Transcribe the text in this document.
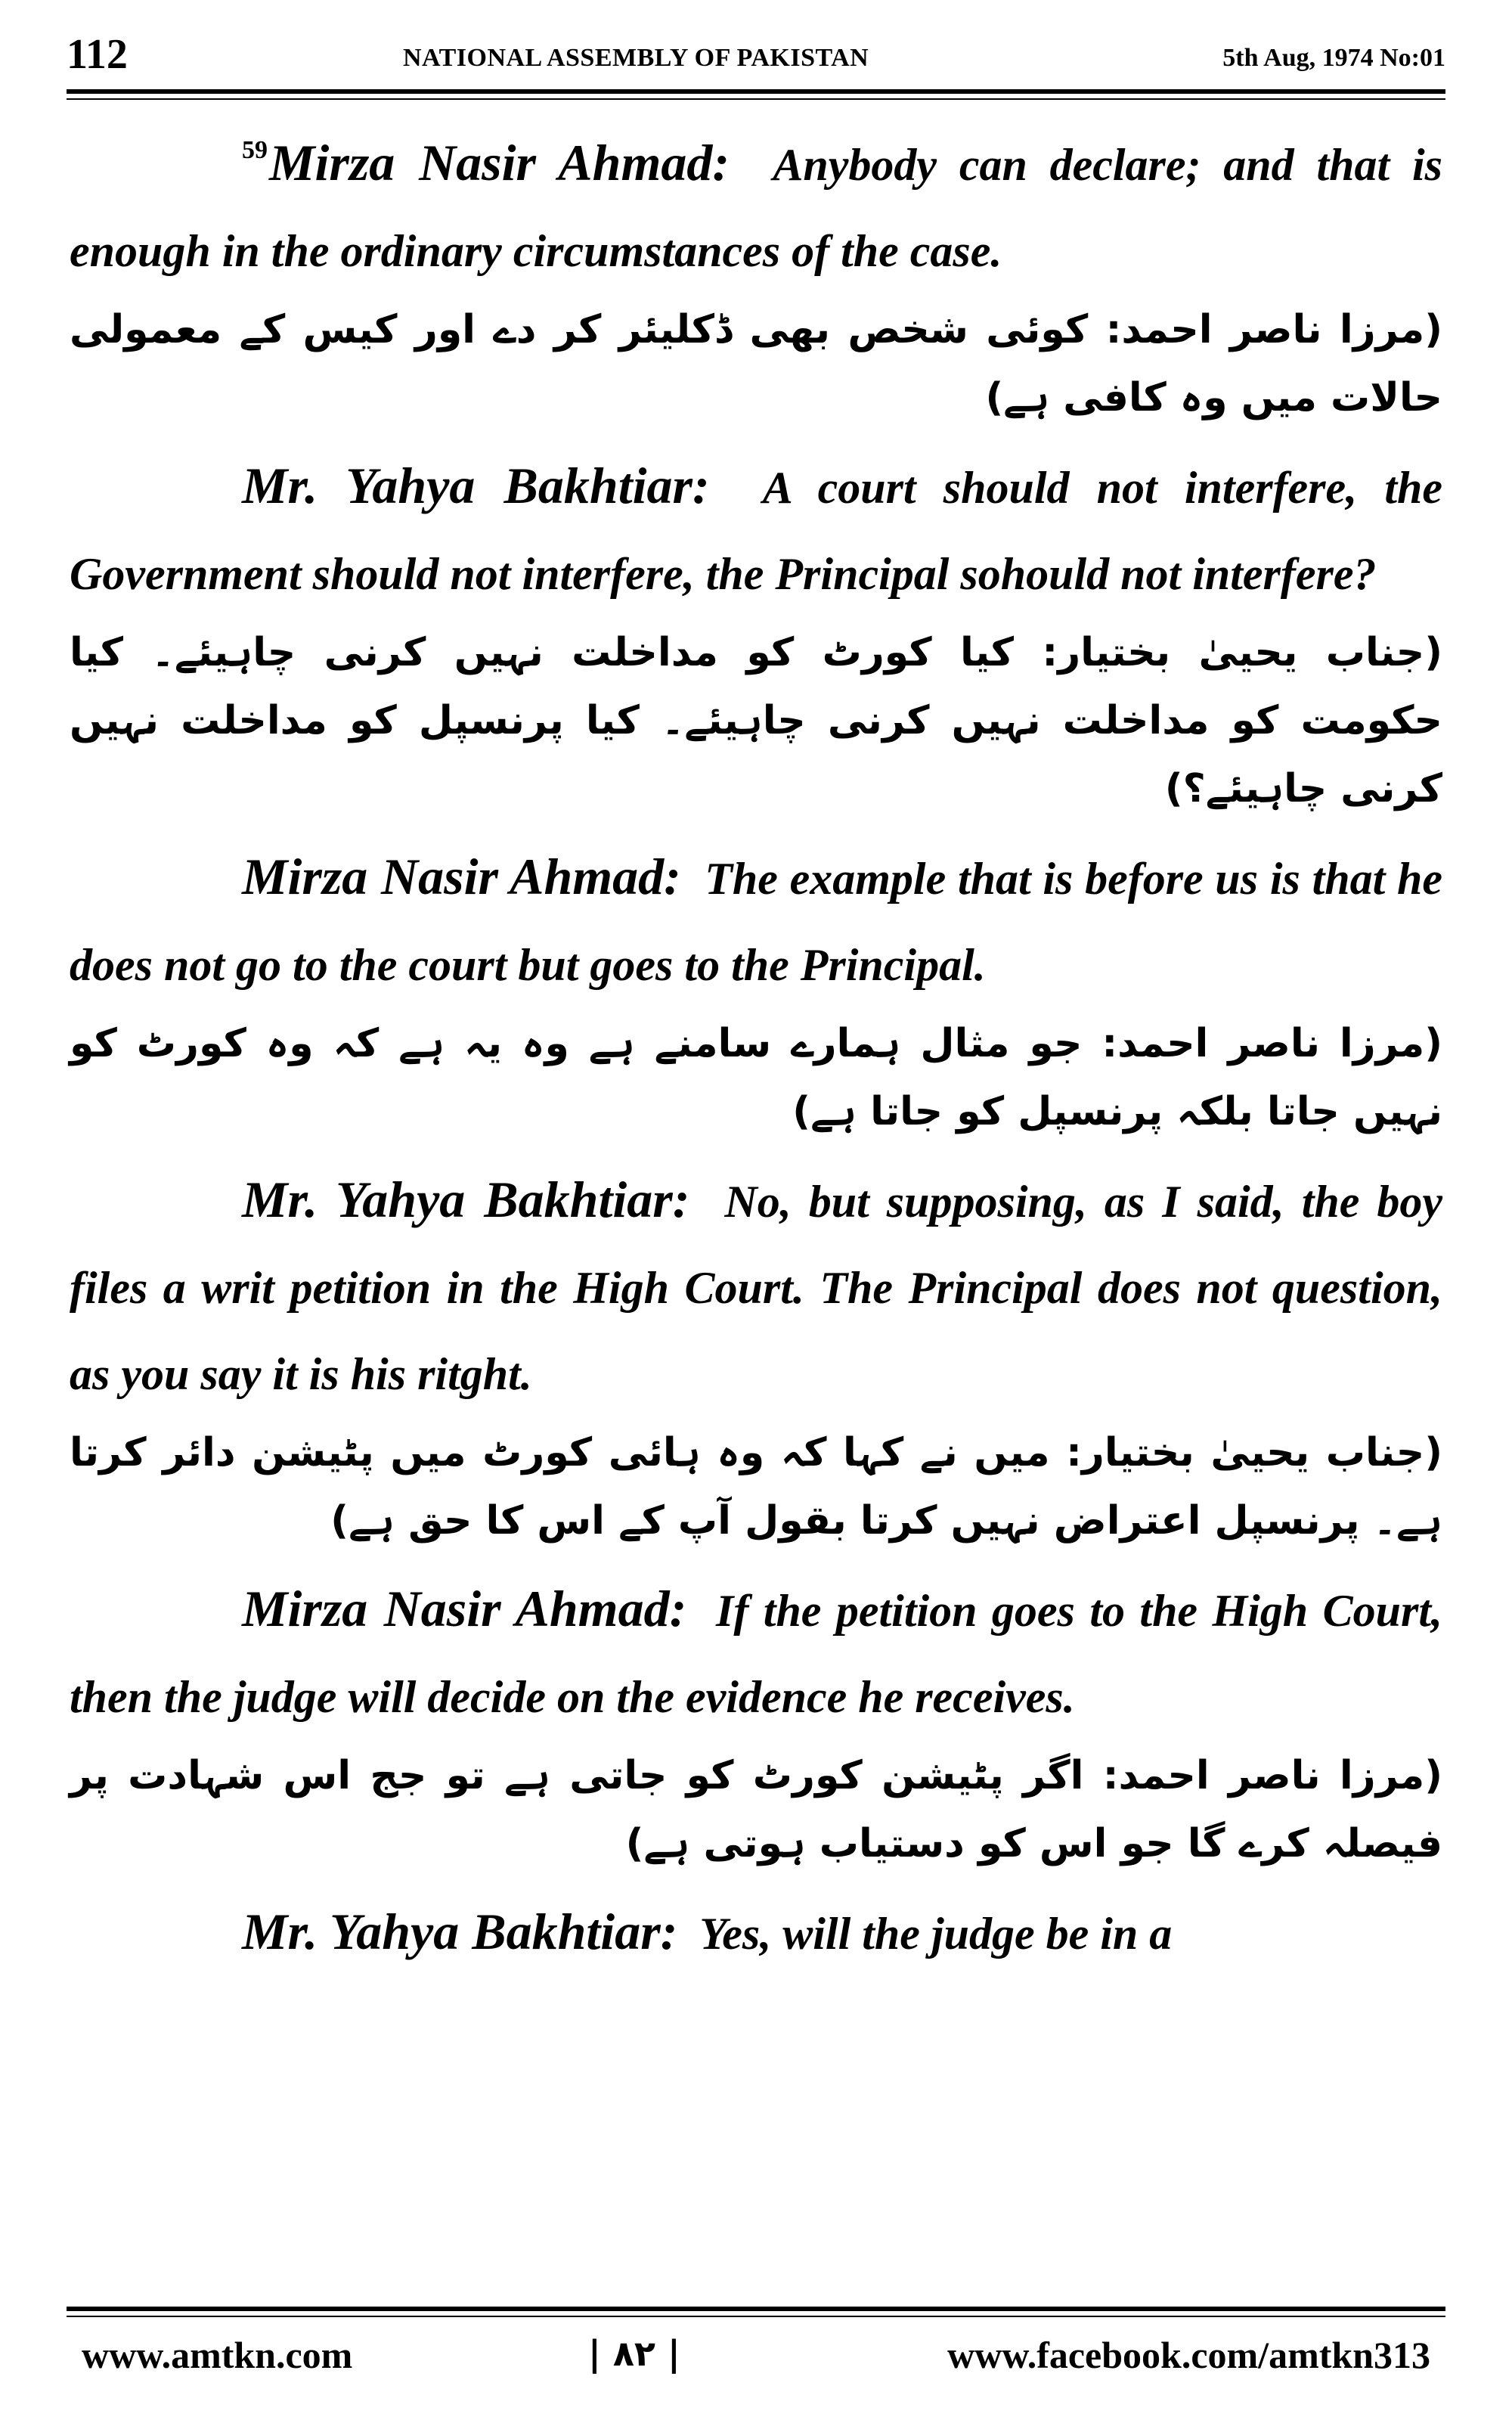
112	NATIONAL ASSEMBLY OF PAKISTAN	5th Aug, 1974 No:01

$^{59}$Mirza Nasir Ahmad: Anybody can declare; and that is enough in the ordinary circumstances of the case.

(مرزا ناصر احمد: کوئی شخص بھی ڈکلیئر کر دے اور کیس کے معمولی حالات میں وہ کافی ہے)

Mr. Yahya Bakhtiar: A court should not interfere, the Government should not interfere, the Principal sohould not interfere?

(جناب یحییٰ بختیار: کیا کورٹ کو مداخلت نہیں کرنی چاہیئے۔ کیا حکومت کو مداخلت نہیں کرنی چاہیئے۔ کیا پرنسپل کو مداخلت نہیں کرنی چاہیئے؟)

Mirza Nasir Ahmad: The example that is before us is that he does not go to the court but goes to the Principal.

(مرزا ناصر احمد: جو مثال ہمارے سامنے ہے وہ یہ ہے کہ وہ کورٹ کو نہیں جاتا بلکہ پرنسپل کو جاتا ہے)

Mr. Yahya Bakhtiar: No, but supposing, as I said, the boy files a writ petition in the High Court. The Principal does not question, as you say it is his ritght.

(جناب یحییٰ بختیار: میں نے کہا کہ وہ ہائی کورٹ میں پٹیشن دائر کرتا ہے۔ پرنسپل اعتراض نہیں کرتا بقول آپ کے اس کا حق ہے)

Mirza Nasir Ahmad: If the petition goes to the High Court, then the judge will decide on the evidence he receives.

(مرزا ناصر احمد: اگر پٹیشن کورٹ کو جاتی ہے تو جج اس شہادت پر فیصلہ کرے گا جو اس کو دستیاب ہوتی ہے)

Mr. Yahya Bakhtiar: Yes, will the judge be in a

www.amtkn.com	| ۸۲ |	www.facebook.com/amtkn313
